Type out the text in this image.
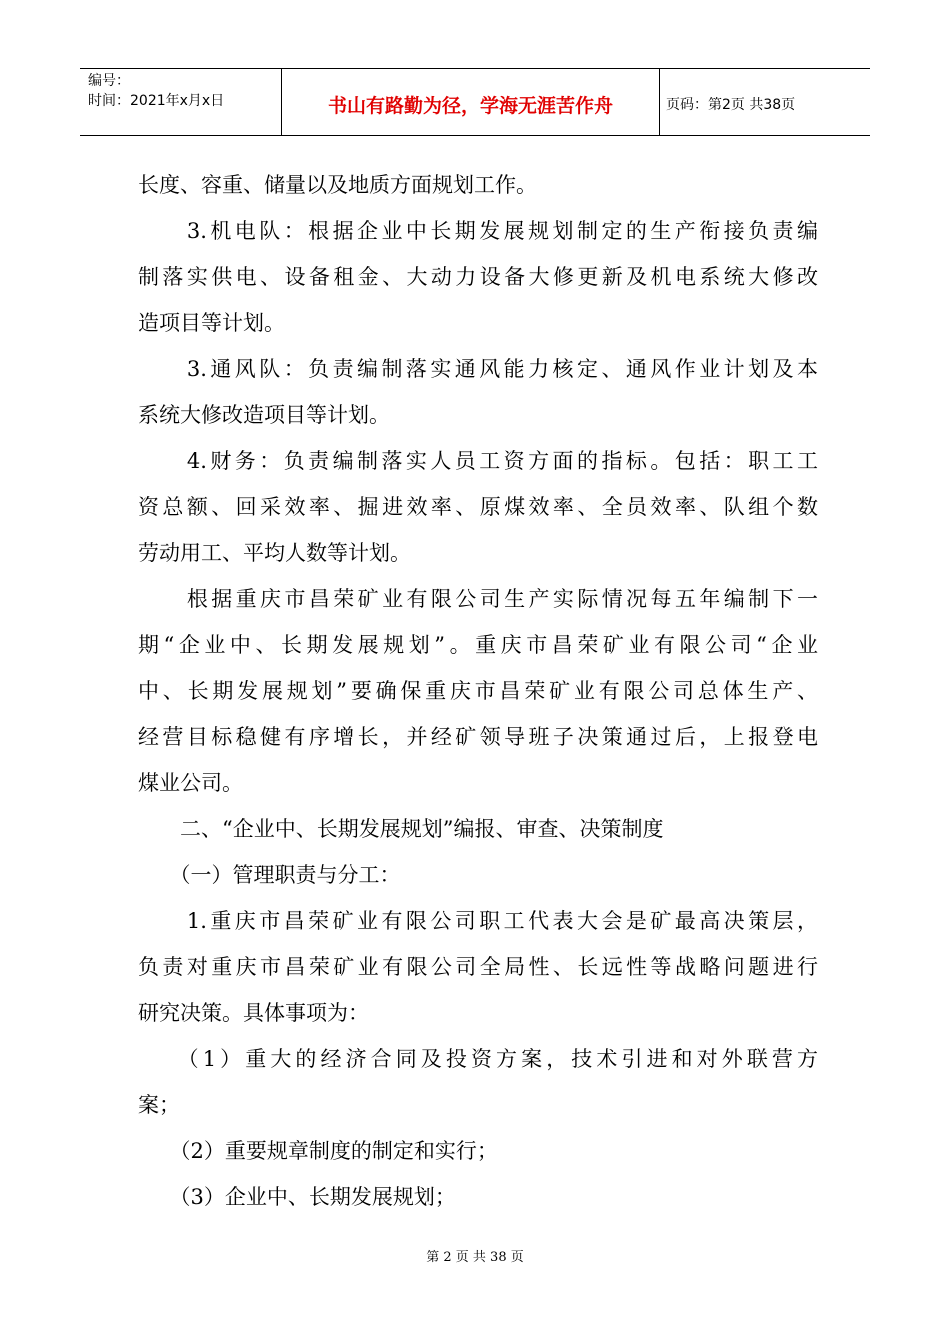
编号：
时间：2021年x月x日	书山有路勤为径，学海无涯苦作舟	页码：第2页 共38页
长度、容重、储量以及地质方面规划工作。
　　3.机电队：根据企业中长期发展规划制定的生产衔接负责编
制落实供电、设备租金、大动力设备大修更新及机电系统大修改
造项目等计划。
　　3.通风队：负责编制落实通风能力核定、通风作业计划及本
系统大修改造项目等计划。
　　4.财务：负责编制落实人员工资方面的指标。包括：职工工
资总额、回采效率、掘进效率、原煤效率、全员效率、队组个数
劳动用工、平均人数等计划。
　　根据重庆市昌荣矿业有限公司生产实际情况每五年编制下一
期“企业中、长期发展规划”。重庆市昌荣矿业有限公司“企业
中、长期发展规划”要确保重庆市昌荣矿业有限公司总体生产、
经营目标稳健有序增长，并经矿领导班子决策通过后，上报登电
煤业公司。
　　二、“企业中、长期发展规划”编报、审查、决策制度
　　（一）管理职责与分工：
　　1.重庆市昌荣矿业有限公司职工代表大会是矿最高决策层，
负责对重庆市昌荣矿业有限公司全局性、长远性等战略问题进行
研究决策。具体事项为：
　　（1）重大的经济合同及投资方案，技术引进和对外联营方
案；
　　（2）重要规章制度的制定和实行；
　　（3）企业中、长期发展规划；
第 2 页 共 38 页
